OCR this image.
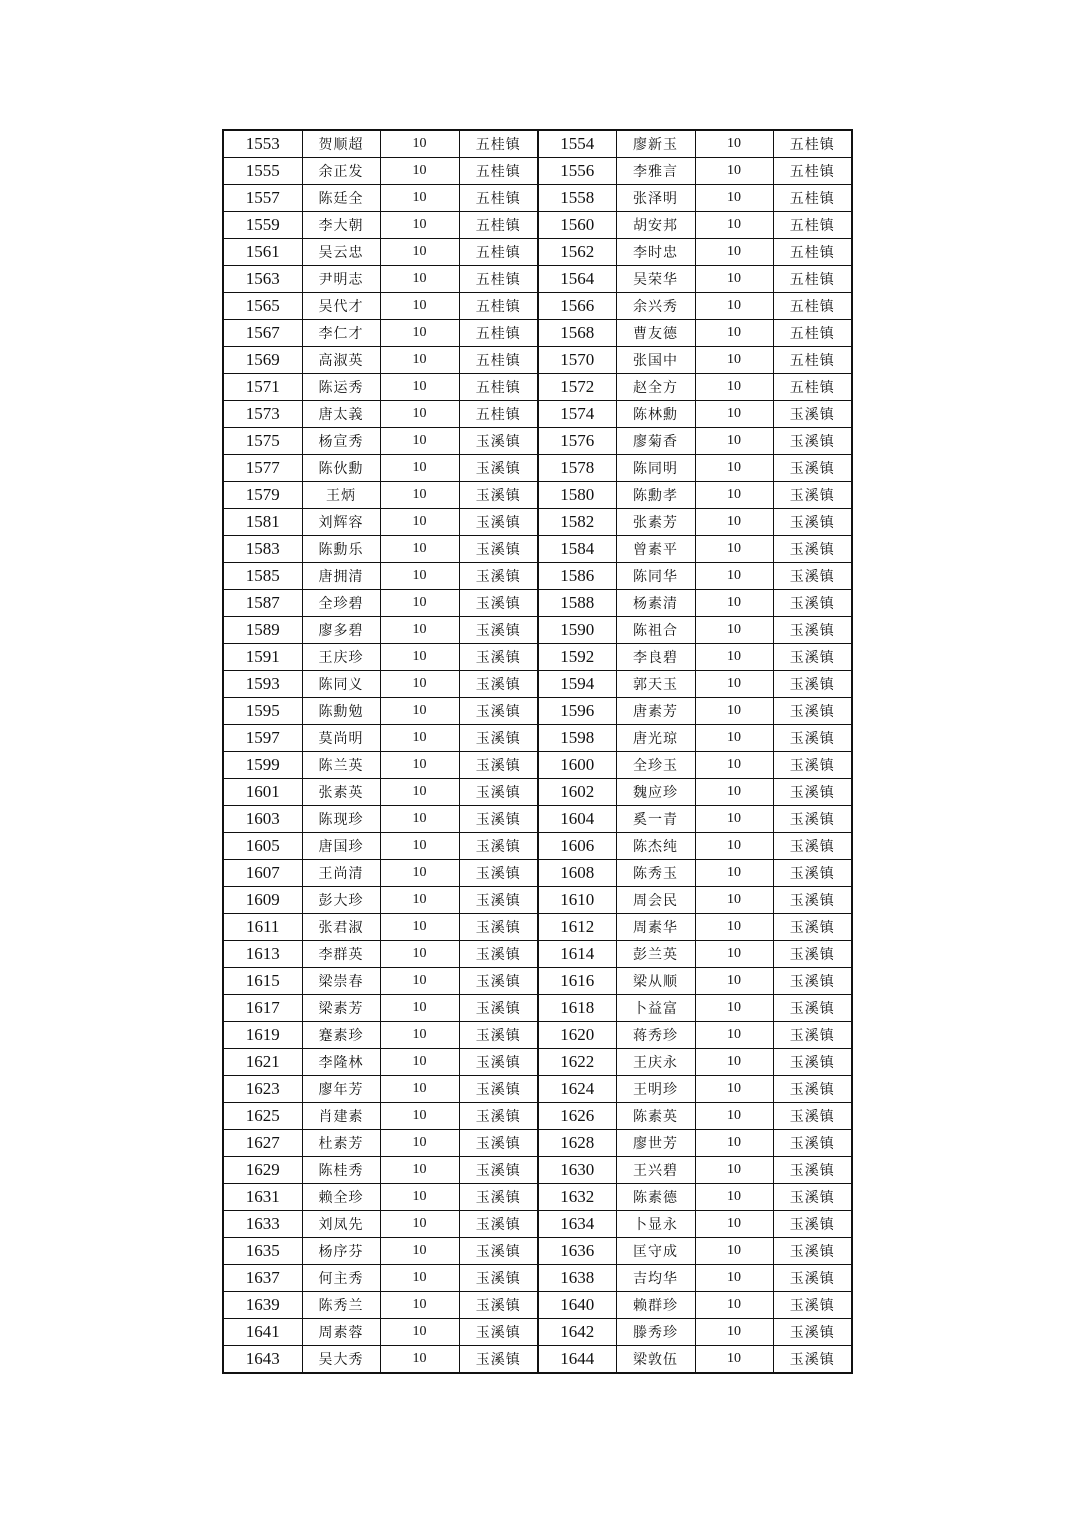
1553	贺顺超	10	五桂镇	1554	廖新玉	10	五桂镇
1555	余正发	10	五桂镇	1556	李雅言	10	五桂镇
1557	陈廷全	10	五桂镇	1558	张泽明	10	五桂镇
1559	李大朝	10	五桂镇	1560	胡安邦	10	五桂镇
1561	吴云忠	10	五桂镇	1562	李时忠	10	五桂镇
1563	尹明志	10	五桂镇	1564	吴荣华	10	五桂镇
1565	吴代才	10	五桂镇	1566	余兴秀	10	五桂镇
1567	李仁才	10	五桂镇	1568	曹友德	10	五桂镇
1569	高淑英	10	五桂镇	1570	张国中	10	五桂镇
1571	陈运秀	10	五桂镇	1572	赵全方	10	五桂镇
1573	唐太義	10	五桂镇	1574	陈林勳	10	玉溪镇
1575	杨宣秀	10	玉溪镇	1576	廖菊香	10	玉溪镇
1577	陈伙勳	10	玉溪镇	1578	陈同明	10	玉溪镇
1579	王炳	10	玉溪镇	1580	陈勳孝	10	玉溪镇
1581	刘辉容	10	玉溪镇	1582	张素芳	10	玉溪镇
1583	陈勳乐	10	玉溪镇	1584	曾素平	10	玉溪镇
1585	唐拥清	10	玉溪镇	1586	陈同华	10	玉溪镇
1587	全珍碧	10	玉溪镇	1588	杨素清	10	玉溪镇
1589	廖多碧	10	玉溪镇	1590	陈祖合	10	玉溪镇
1591	王庆珍	10	玉溪镇	1592	李良碧	10	玉溪镇
1593	陈同义	10	玉溪镇	1594	郭天玉	10	玉溪镇
1595	陈勳勉	10	玉溪镇	1596	唐素芳	10	玉溪镇
1597	莫尚明	10	玉溪镇	1598	唐光琼	10	玉溪镇
1599	陈兰英	10	玉溪镇	1600	全珍玉	10	玉溪镇
1601	张素英	10	玉溪镇	1602	魏应珍	10	玉溪镇
1603	陈现珍	10	玉溪镇	1604	奚一青	10	玉溪镇
1605	唐国珍	10	玉溪镇	1606	陈杰纯	10	玉溪镇
1607	王尚清	10	玉溪镇	1608	陈秀玉	10	玉溪镇
1609	彭大珍	10	玉溪镇	1610	周会民	10	玉溪镇
1611	张君淑	10	玉溪镇	1612	周素华	10	玉溪镇
1613	李群英	10	玉溪镇	1614	彭兰英	10	玉溪镇
1615	梁崇春	10	玉溪镇	1616	梁从顺	10	玉溪镇
1617	梁素芳	10	玉溪镇	1618	卜益富	10	玉溪镇
1619	蹇素珍	10	玉溪镇	1620	蒋秀珍	10	玉溪镇
1621	李隆林	10	玉溪镇	1622	王庆永	10	玉溪镇
1623	廖年芳	10	玉溪镇	1624	王明珍	10	玉溪镇
1625	肖建素	10	玉溪镇	1626	陈素英	10	玉溪镇
1627	杜素芳	10	玉溪镇	1628	廖世芳	10	玉溪镇
1629	陈桂秀	10	玉溪镇	1630	王兴碧	10	玉溪镇
1631	赖全珍	10	玉溪镇	1632	陈素德	10	玉溪镇
1633	刘凤先	10	玉溪镇	1634	卜显永	10	玉溪镇
1635	杨序芬	10	玉溪镇	1636	匡守成	10	玉溪镇
1637	何主秀	10	玉溪镇	1638	吉均华	10	玉溪镇
1639	陈秀兰	10	玉溪镇	1640	赖群珍	10	玉溪镇
1641	周素蓉	10	玉溪镇	1642	滕秀珍	10	玉溪镇
1643	吴大秀	10	玉溪镇	1644	梁敦伍	10	玉溪镇
